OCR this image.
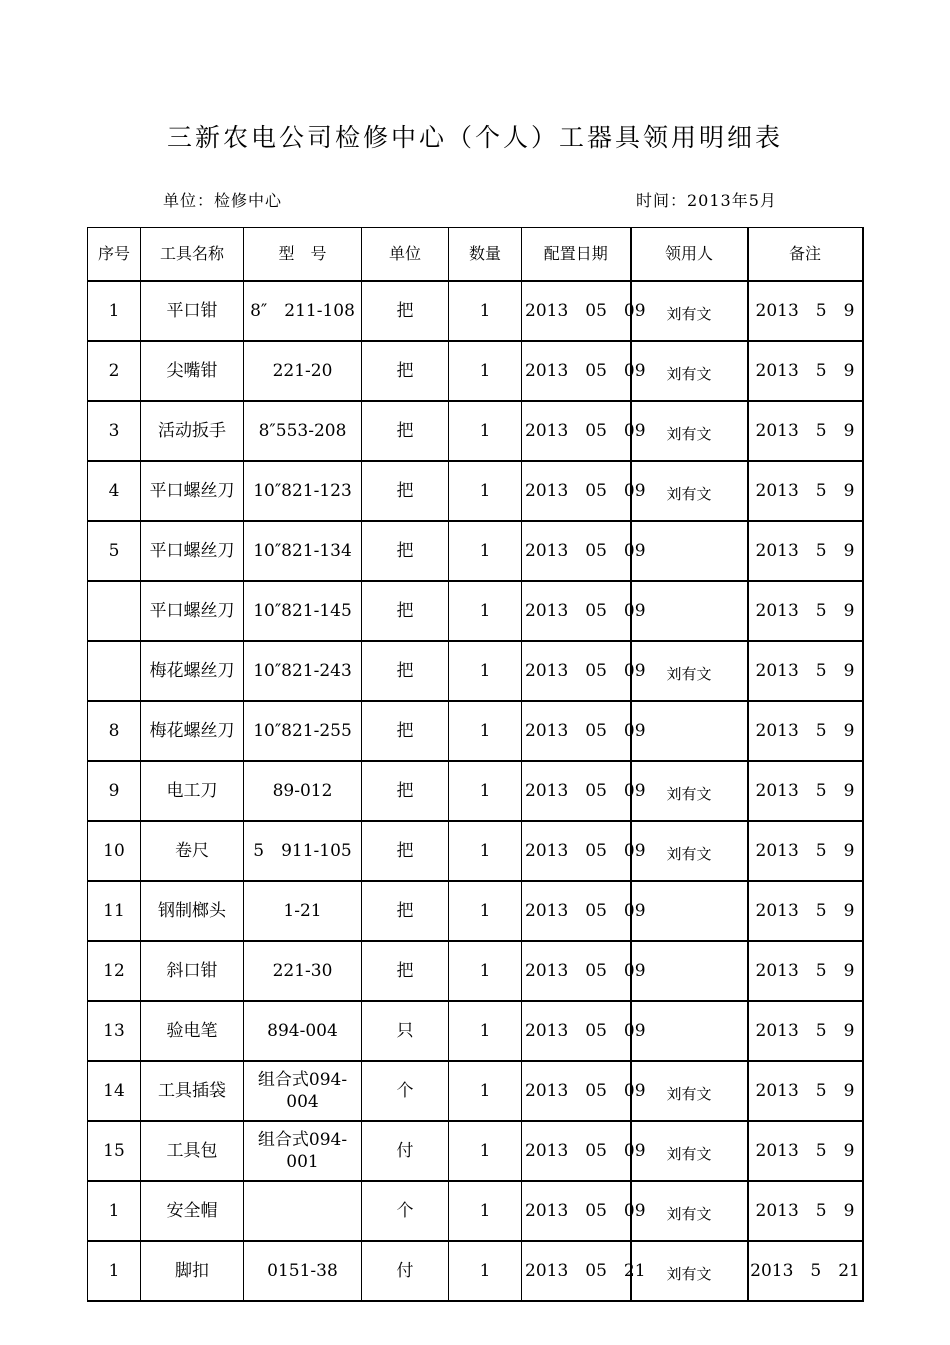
三新农电公司检修中心（个人）工器具领用明细表
单位：检修中心	时间：2013年5月
序号	工具名称	型　号	单位	数量	配置日期	领用人	备注
1	平口钳	8″　211-108	把	1	2013　05　09	刘有文	2013　5　9
2	尖嘴钳	221-20	把	1	2013　05　09	刘有文	2013　5　9
3	活动扳手	8″553-208	把	1	2013　05　09	刘有文	2013　5　9
4	平口螺丝刀	10″821-123	把	1	2013　05　09	刘有文	2013　5　9
5	平口螺丝刀	10″821-134	把	1	2013　05　09		2013　5　9
	平口螺丝刀	10″821-145	把	1	2013　05　09		2013　5　9
	梅花螺丝刀	10″821-243	把	1	2013　05　09	刘有文	2013　5　9
8	梅花螺丝刀	10″821-255	把	1	2013　05　09		2013　5　9
9	电工刀	89-012	把	1	2013　05　09	刘有文	2013　5　9
10	卷尺	5　911-105	把	1	2013　05　09	刘有文	2013　5　9
11	钢制榔头	1-21	把	1	2013　05　09		2013　5　9
12	斜口钳	221-30	把	1	2013　05　09		2013　5　9
13	验电笔	894-004	只	1	2013　05　09		2013　5　9
14	工具插袋	组合式094-004	个	1	2013　05　09	刘有文	2013　5　9
15	工具包	组合式094-001	付	1	2013　05　09	刘有文	2013　5　9
1	安全帽		个	1	2013　05　09	刘有文	2013　5　9
1	脚扣	0151-38	付	1	2013　05　21	刘有文	2013　5　21
